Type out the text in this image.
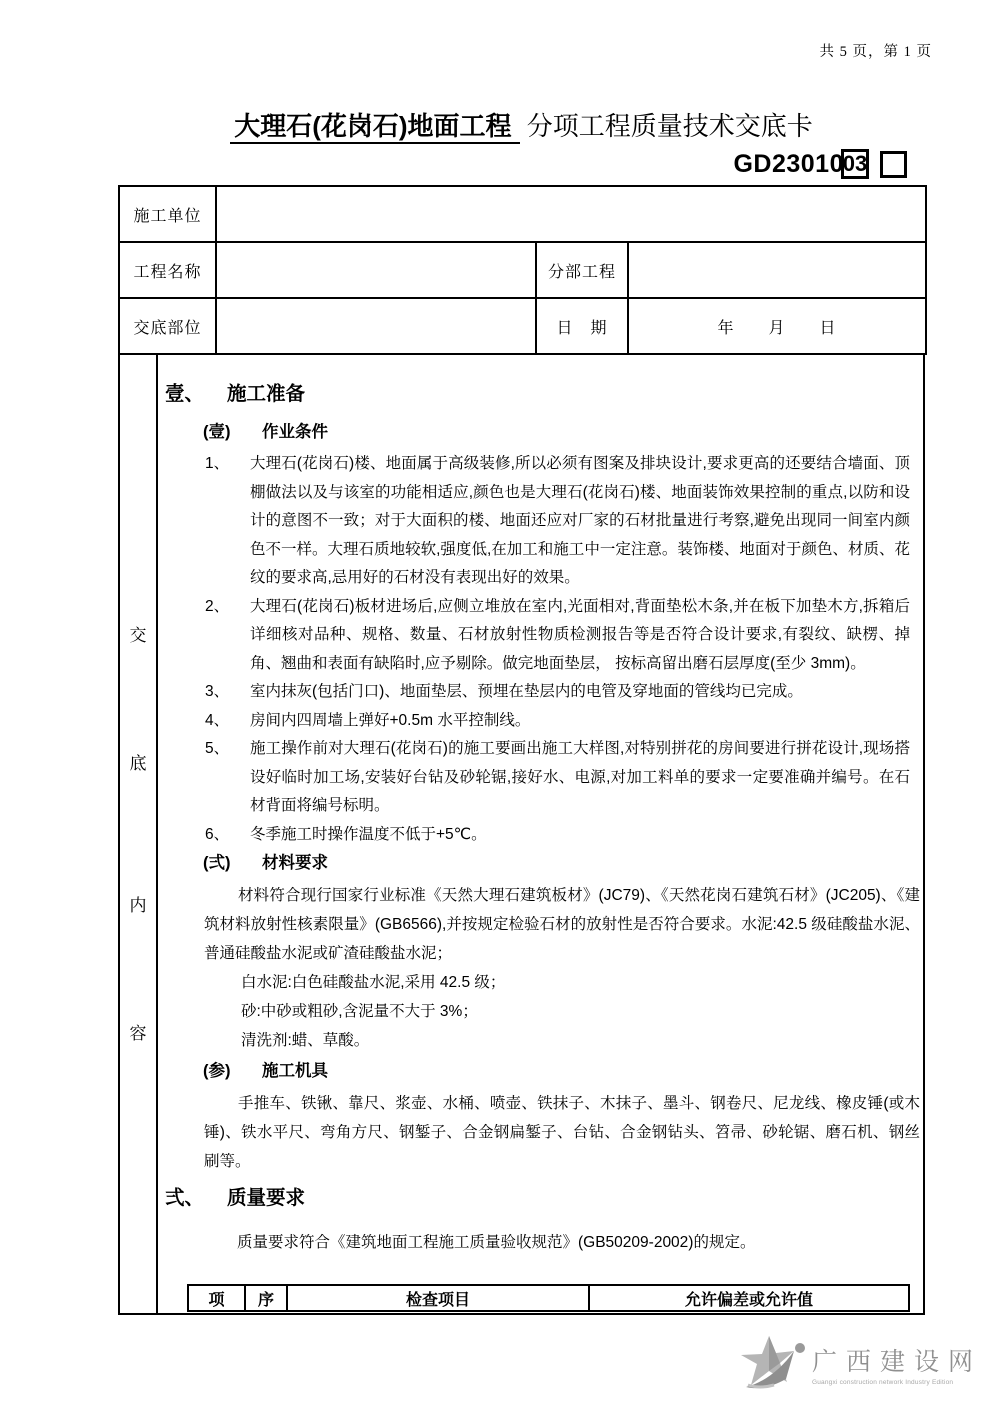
共 5 页，第 1 页
大理石(花岗石)地面工程 分项工程质量技术交底卡
GD23010
03
施工单位			
工程名称		分部工程	
交底部位		日　期	年　　月　　日
交
底
内
容
壹、	施工准备
(壹)	作业条件
1、	大理石(花岗石)楼、地面属于高级装修,所以必须有图案及排块设计,要求更高的还要结合墙面、顶棚做法以及与该室的功能相适应,颜色也是大理石(花岗石)楼、地面装饰效果控制的重点,以防和设计的意图不一致；对于大面积的楼、地面还应对厂家的石材批量进行考察,避免出现同一间室内颜色不一样。大理石质地较软,强度低,在加工和施工中一定注意。装饰楼、地面对于颜色、材质、花纹的要求高,忌用好的石材没有表现出好的效果。
2、	大理石(花岗石)板材进场后,应侧立堆放在室内,光面相对,背面垫松木条,并在板下加垫木方,拆箱后详细核对品种、规格、数量、石材放射性物质检测报告等是否符合设计要求,有裂纹、缺楞、掉角、翘曲和表面有缺陷时,应予剔除。做完地面垫层， 按标高留出磨石层厚度(至少 3mm)。
3、	室内抹灰(包括门口)、地面垫层、预埋在垫层内的电管及穿地面的管线均已完成。
4、	房间内四周墙上弹好+0.5m 水平控制线。
5、	施工操作前对大理石(花岗石)的施工要画出施工大样图,对特别拼花的房间要进行拼花设计,现场搭设好临时加工场,安装好台钻及砂轮锯,接好水、电源,对加工料单的要求一定要准确并编号。在石材背面将编号标明。
6、	冬季施工时操作温度不低于+5℃。
(弍)	材料要求
材料符合现行国家行业标准《天然大理石建筑板材》(JC79)、《天然花岗石建筑石材》(JC205)、《建筑材料放射性核素限量》(GB6566),并按规定检验石材的放射性是否符合要求。水泥:42.5 级硅酸盐水泥、普通硅酸盐水泥或矿渣硅酸盐水泥；
白水泥:白色硅酸盐水泥,采用 42.5 级；
砂:中砂或粗砂,含泥量不大于 3%；
清洗剂:蜡、草酸。
(参)	施工机具
手推车、铁锹、靠尺、浆壶、水桶、喷壶、铁抹子、木抹子、墨斗、钢卷尺、尼龙线、橡皮锤(或木锤)、铁水平尺、弯角方尺、钢錾子、合金钢扁錾子、台钻、合金钢钻头、笤帚、砂轮锯、磨石机、钢丝刷等。
弍、	质量要求
质量要求符合《建筑地面工程施工质量验收规范》(GB50209-2002)的规定。
项	序	检查项目	允许偏差或允许值
广西建设网
Guangxi construction network Industry Edition
